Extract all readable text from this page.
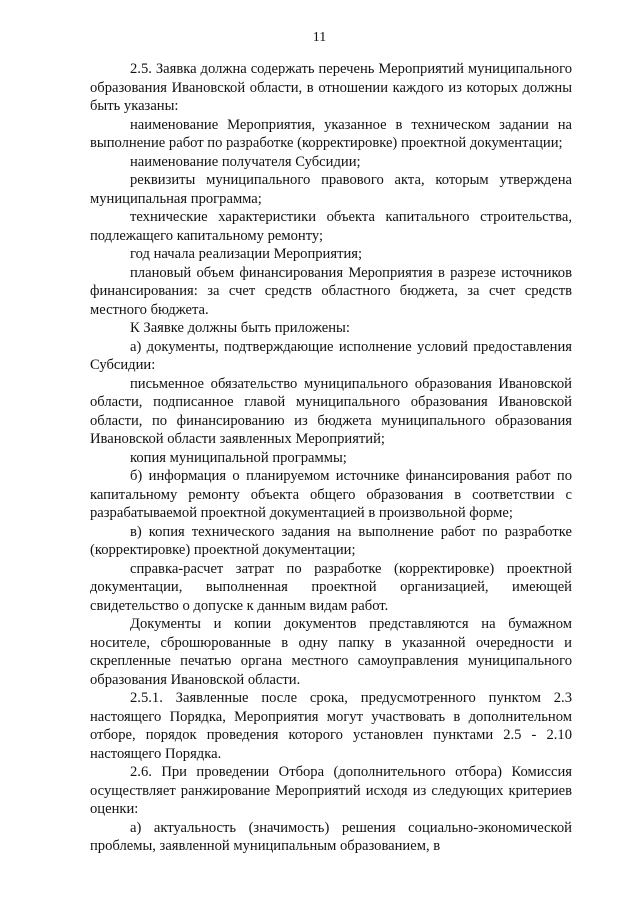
11

2.5. Заявка должна содержать перечень Мероприятий муниципального образования Ивановской области, в отношении каждого из которых должны быть указаны:

наименование Мероприятия, указанное в техническом задании на выполнение работ по разработке (корректировке) проектной документации;

наименование получателя Субсидии;

реквизиты муниципального правового акта, которым утверждена муниципальная программа;

технические характеристики объекта капитального строительства, подлежащего капитальному ремонту;

год начала реализации Мероприятия;

плановый объем финансирования Мероприятия в разрезе источников финансирования: за счет средств областного бюджета, за счет средств местного бюджета.

К Заявке должны быть приложены:

а) документы, подтверждающие исполнение условий предоставления Субсидии:

письменное обязательство муниципального образования Ивановской области, подписанное главой муниципального образования Ивановской области, по финансированию из бюджета муниципального образования Ивановской области заявленных Мероприятий;

копия муниципальной программы;

б) информация о планируемом источнике финансирования работ по капитальному ремонту объекта общего образования в соответствии с разрабатываемой проектной документацией в произвольной форме;

в) копия технического задания на выполнение работ по разработке (корректировке) проектной документации;

справка-расчет затрат по разработке (корректировке) проектной документации, выполненная проектной организацией, имеющей свидетельство о допуске к данным видам работ.

Документы и копии документов представляются на бумажном носителе, сброшюрованные в одну папку в указанной очередности и скрепленные печатью органа местного самоуправления муниципального образования Ивановской области.

2.5.1. Заявленные после срока, предусмотренного пунктом 2.3 настоящего Порядка, Мероприятия могут участвовать в дополнительном отборе, порядок проведения которого установлен пунктами 2.5 - 2.10 настоящего Порядка.

2.6. При проведении Отбора (дополнительного отбора) Комиссия осуществляет ранжирование Мероприятий исходя из следующих критериев оценки:

а) актуальность (значимость) решения социально-экономической проблемы, заявленной муниципальным образованием, в
